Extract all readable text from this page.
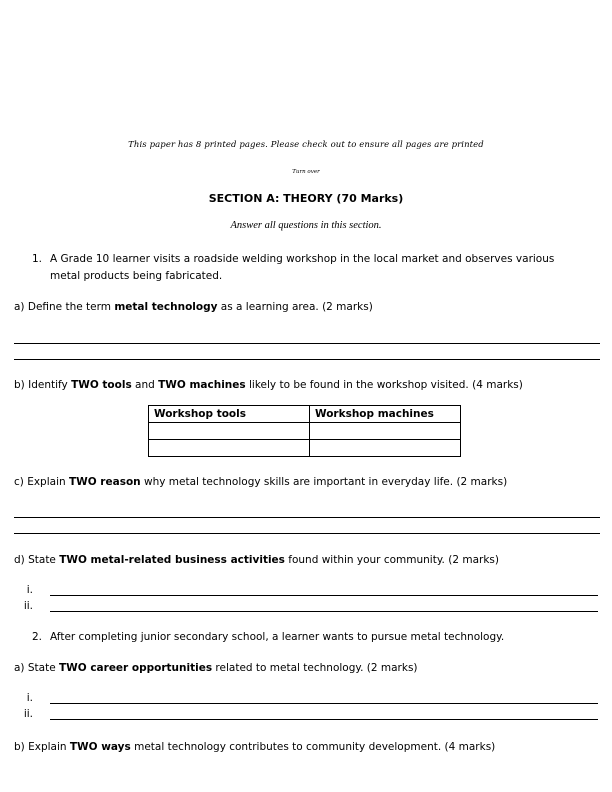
This paper has 8 printed pages. Please check out to ensure all pages are printed
Turn over
SECTION A: THEORY (70 Marks)
Answer all questions in this section.
1. A Grade 10 learner visits a roadside welding workshop in the local market and observes various
metal products being fabricated.
a) Define the term metal technology as a learning area. (2 marks)
b) Identify TWO tools and TWO machines likely to be found in the workshop visited. (4 marks)
Workshop tools	Workshop machines

c) Explain TWO reason why metal technology skills are important in everyday life. (2 marks)
d) State TWO metal-related business activities found within your community. (2 marks)
i.
ii.
2. After completing junior secondary school, a learner wants to pursue metal technology.
a) State TWO career opportunities related to metal technology. (2 marks)
i.
ii.
b) Explain TWO ways metal technology contributes to community development. (4 marks)
